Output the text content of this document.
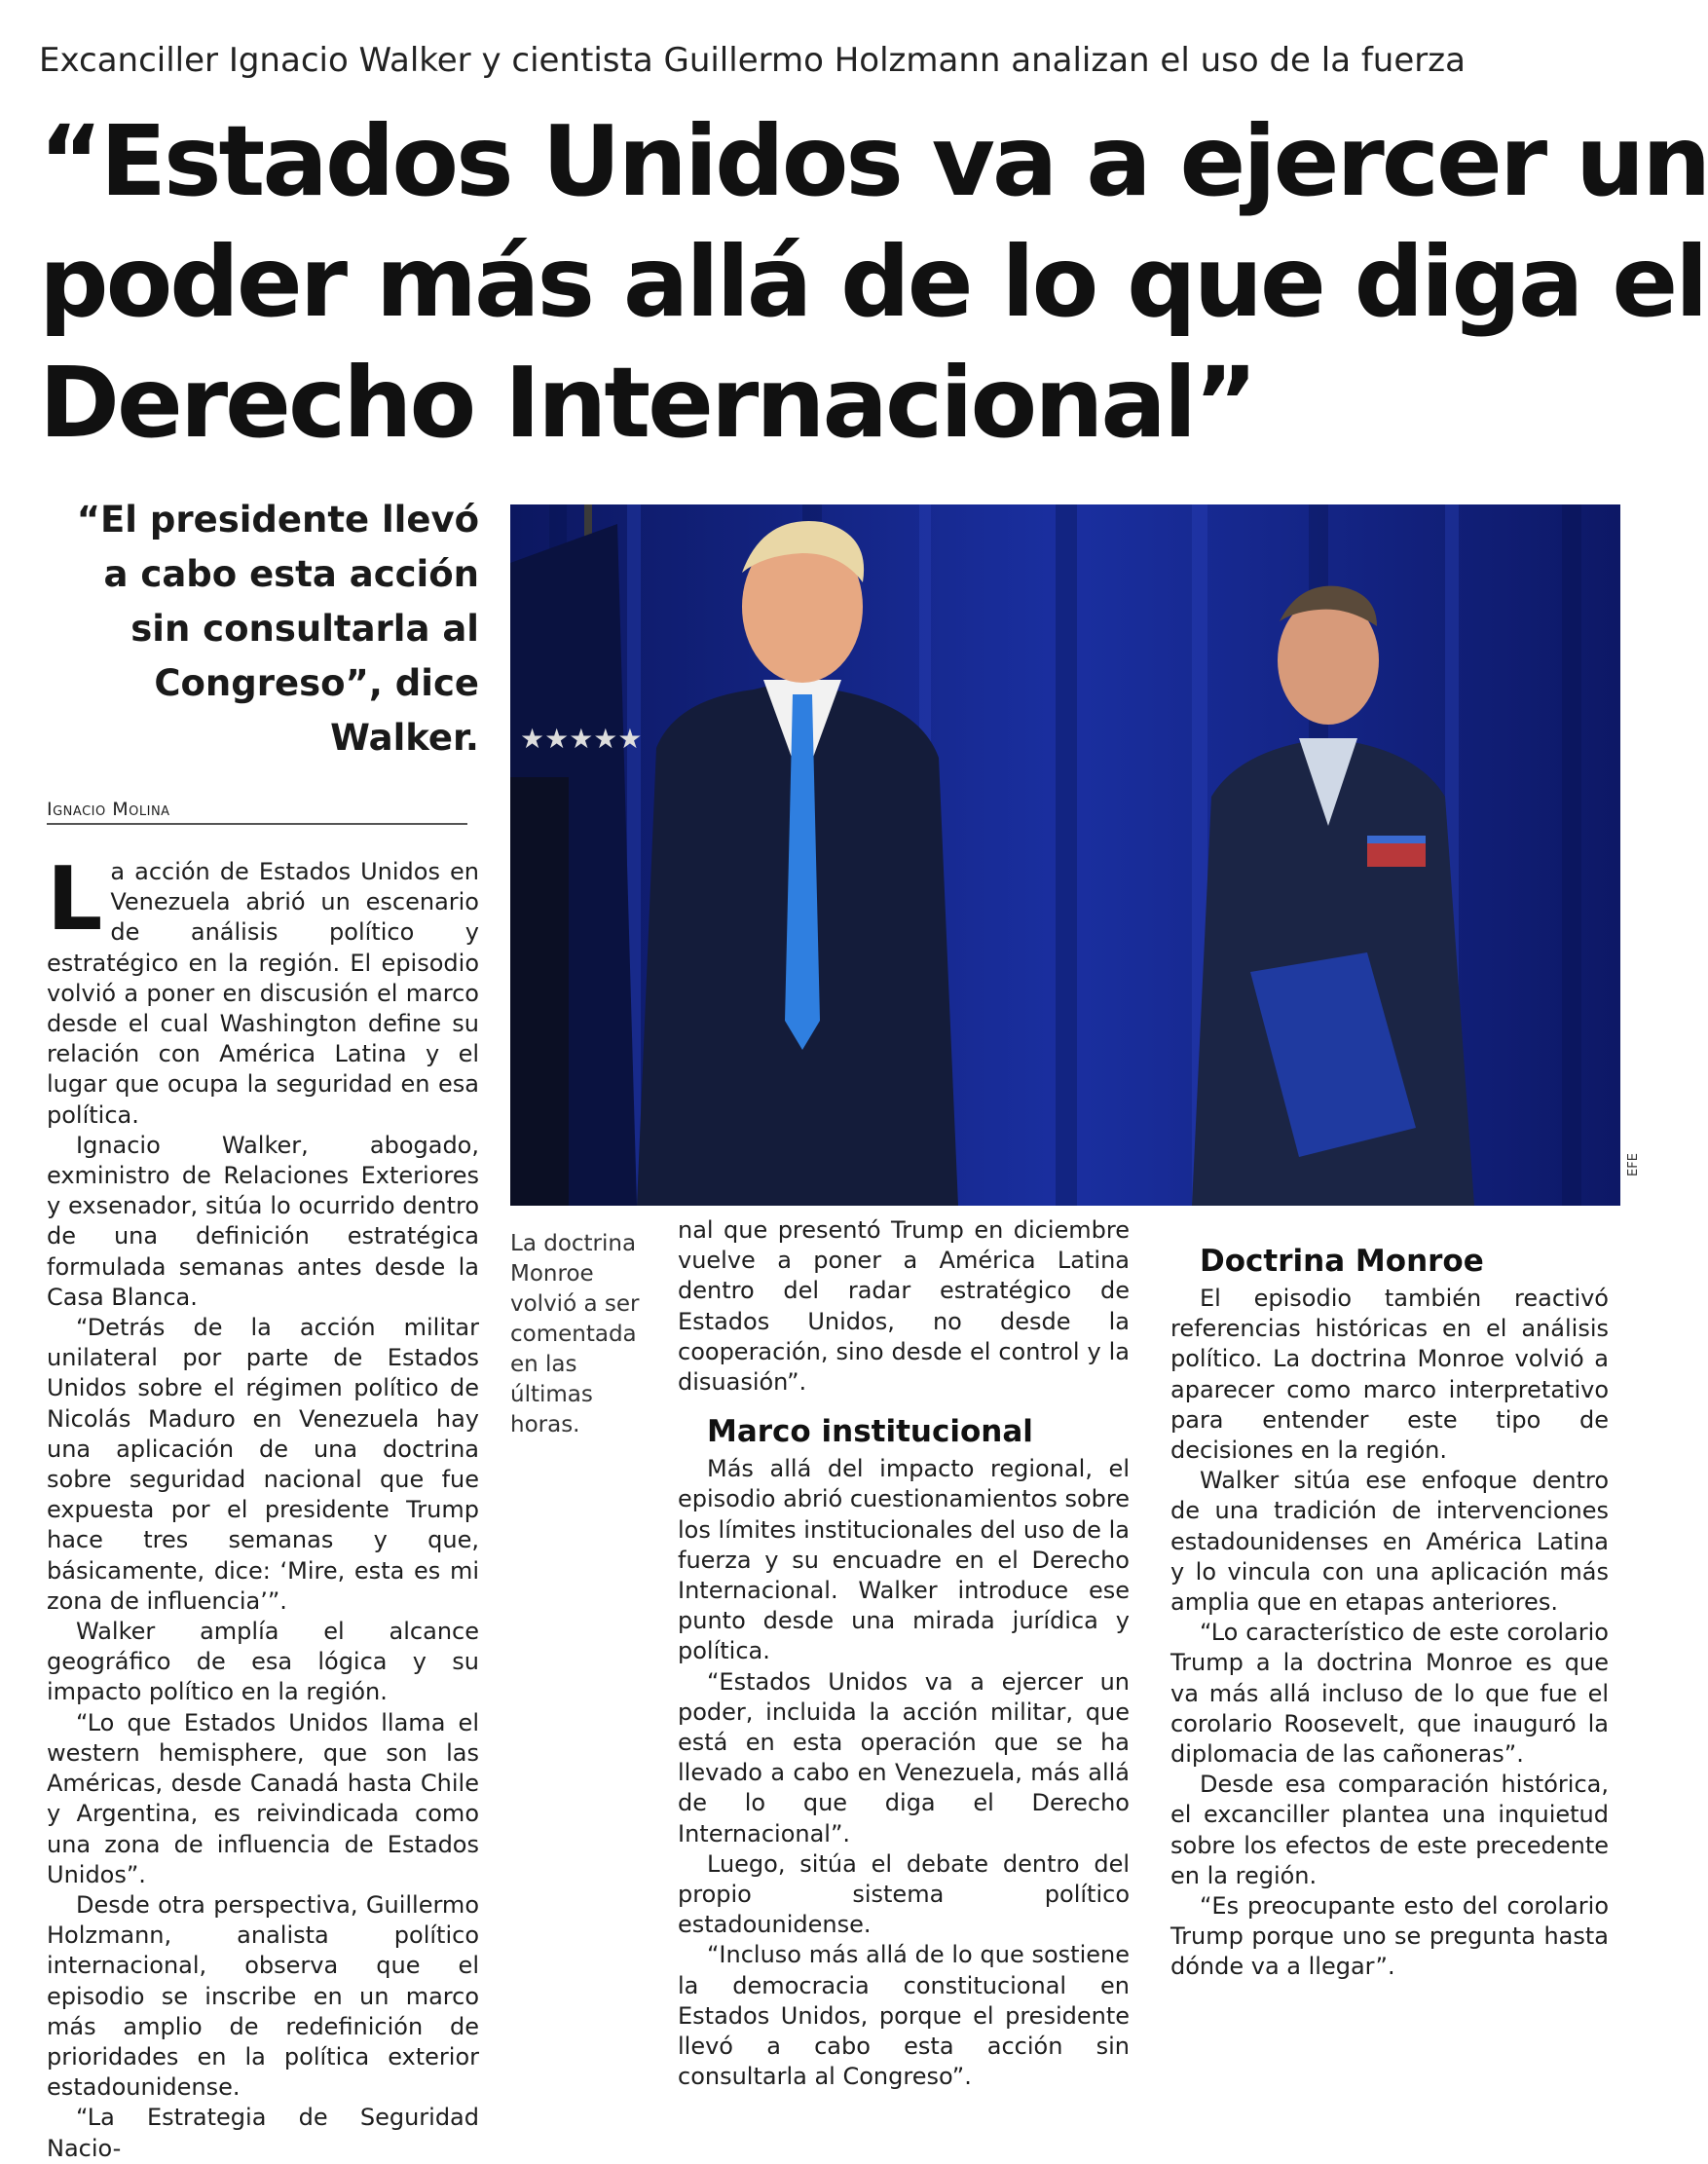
Excanciller Ignacio Walker y cientista Guillermo Holzmann analizan el uso de la fuerza
“Estados Unidos va a ejercer un
poder más allá de lo que diga el
Derecho Internacional”
“El presidente llevó
a cabo esta acción
sin consultarla al
Congreso”, dice
Walker.
Ignacio Molina

La acción de Estados Unidos en Venezuela abrió un escenario de análisis político y estratégico en la región. El episodio volvió a poner en discusión el marco desde el cual Washington define su relación con América Latina y el lugar que ocupa la seguridad en esa política.

Ignacio Walker, abogado, exministro de Relaciones Exteriores y exsenador, sitúa lo ocurrido dentro de una definición estratégica formulada semanas antes desde la Casa Blanca.

“Detrás de la acción militar unilateral por parte de Estados Unidos sobre el régimen político de Nicolás Maduro en Venezuela hay una aplicación de una doctrina sobre seguridad nacional que fue expuesta por el presidente Trump hace tres semanas y que, básicamente, dice: ‘Mire, esta es mi zona de influencia’”.

Walker amplía el alcance geográfico de esa lógica y su impacto político en la región.

“Lo que Estados Unidos llama el western hemisphere, que son las Américas, desde Canadá hasta Chile y Argentina, es reivindicada como una zona de influencia de Estados Unidos”.

Desde otra perspectiva, Guillermo Holzmann, analista político internacional, observa que el episodio se inscribe en un marco más amplio de redefinición de prioridades en la política exterior estadounidense.

“La Estrategia de Seguridad Nacio-

★★★★★
EFE
La doctrina Monroe volvió a ser comentada en las últimas horas.

nal que presentó Trump en diciembre vuelve a poner a América Latina dentro del radar estratégico de Estados Unidos, no desde la cooperación, sino desde el control y la disuasión”.

Marco institucional

Más allá del impacto regional, el episodio abrió cuestionamientos sobre los límites institucionales del uso de la fuerza y su encuadre en el Derecho Internacional. Walker introduce ese punto desde una mirada jurídica y política.

“Estados Unidos va a ejercer un poder, incluida la acción militar, que está en esta operación que se ha llevado a cabo en Venezuela, más allá de lo que diga el Derecho Internacional”.

Luego, sitúa el debate dentro del propio sistema político estadounidense.

“Incluso más allá de lo que sostiene la democracia constitucional en Estados Unidos, porque el presidente llevó a cabo esta acción sin consultarla al Congreso”.

Doctrina Monroe

El episodio también reactivó referencias históricas en el análisis político. La doctrina Monroe volvió a aparecer como marco interpretativo para entender este tipo de decisiones en la región.

Walker sitúa ese enfoque dentro de una tradición de intervenciones estadounidenses en América Latina y lo vincula con una aplicación más amplia que en etapas anteriores.

“Lo característico de este corolario Trump a la doctrina Monroe es que va más allá incluso de lo que fue el corolario Roosevelt, que inauguró la diplomacia de las cañoneras”.

Desde esa comparación histórica, el excanciller plantea una inquietud sobre los efectos de este precedente en la región.

“Es preocupante esto del corolario Trump porque uno se pregunta hasta dónde va a llegar”.
